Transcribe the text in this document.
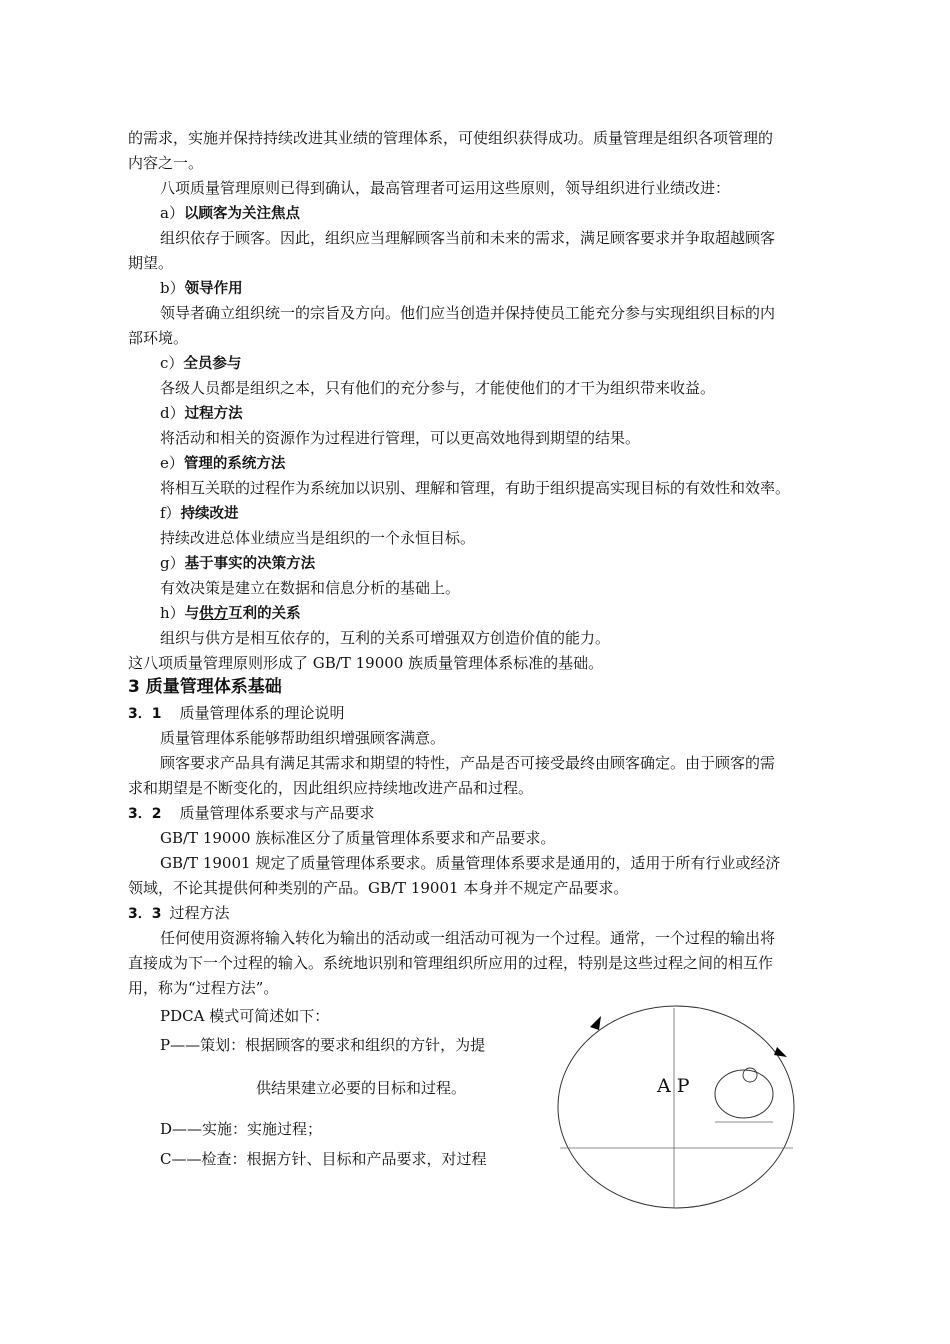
的需求，实施并保持持续改进其业绩的管理体系，可使组织获得成功。质量管理是组织各项管理的
内容之一。
八项质量管理原则已得到确认，最高管理者可运用这些原则，领导组织进行业绩改进：
a）以顾客为关注焦点
组织依存于顾客。因此，组织应当理解顾客当前和未来的需求，满足顾客要求并争取超越顾客
期望。
b）领导作用
领导者确立组织统一的宗旨及方向。他们应当创造并保持使员工能充分参与实现组织目标的内
部环境。
c）全员参与
各级人员都是组织之本，只有他们的充分参与，才能使他们的才干为组织带来收益。
d）过程方法
将活动和相关的资源作为过程进行管理，可以更高效地得到期望的结果。
e）管理的系统方法
将相互关联的过程作为系统加以识别、理解和管理，有助于组织提高实现目标的有效性和效率。
f）持续改进
持续改进总体业绩应当是组织的一个永恒目标。
g）基于事实的决策方法
有效决策是建立在数据和信息分析的基础上。
h）与供方互利的关系
组织与供方是相互依存的，互利的关系可增强双方创造价值的能力。
这八项质量管理原则形成了 GB/T 19000 族质量管理体系标准的基础。
3 质量管理体系基础
3．1 质量管理体系的理论说明
质量管理体系能够帮助组织增强顾客满意。
顾客要求产品具有满足其需求和期望的特性，产品是否可接受最终由顾客确定。由于顾客的需
求和期望是不断变化的，因此组织应持续地改进产品和过程。
3．2 质量管理体系要求与产品要求
GB/T 19000 族标准区分了质量管理体系要求和产品要求。
GB/T 19001 规定了质量管理体系要求。质量管理体系要求是通用的，适用于所有行业或经济
领域，不论其提供何种类别的产品。GB/T 19001 本身并不规定产品要求。
3．3 过程方法
任何使用资源将输入转化为输出的活动或一组活动可视为一个过程。通常，一个过程的输出将
直接成为下一个过程的输入。系统地识别和管理组织所应用的过程，特别是这些过程之间的相互作
用，称为“过程方法”。
PDCA 模式可简述如下：
P——策划：根据顾客的要求和组织的方针，为提
供结果建立必要的目标和过程。
D——实施：实施过程；
C——检查：根据方针、目标和产品要求，对过程
A P
